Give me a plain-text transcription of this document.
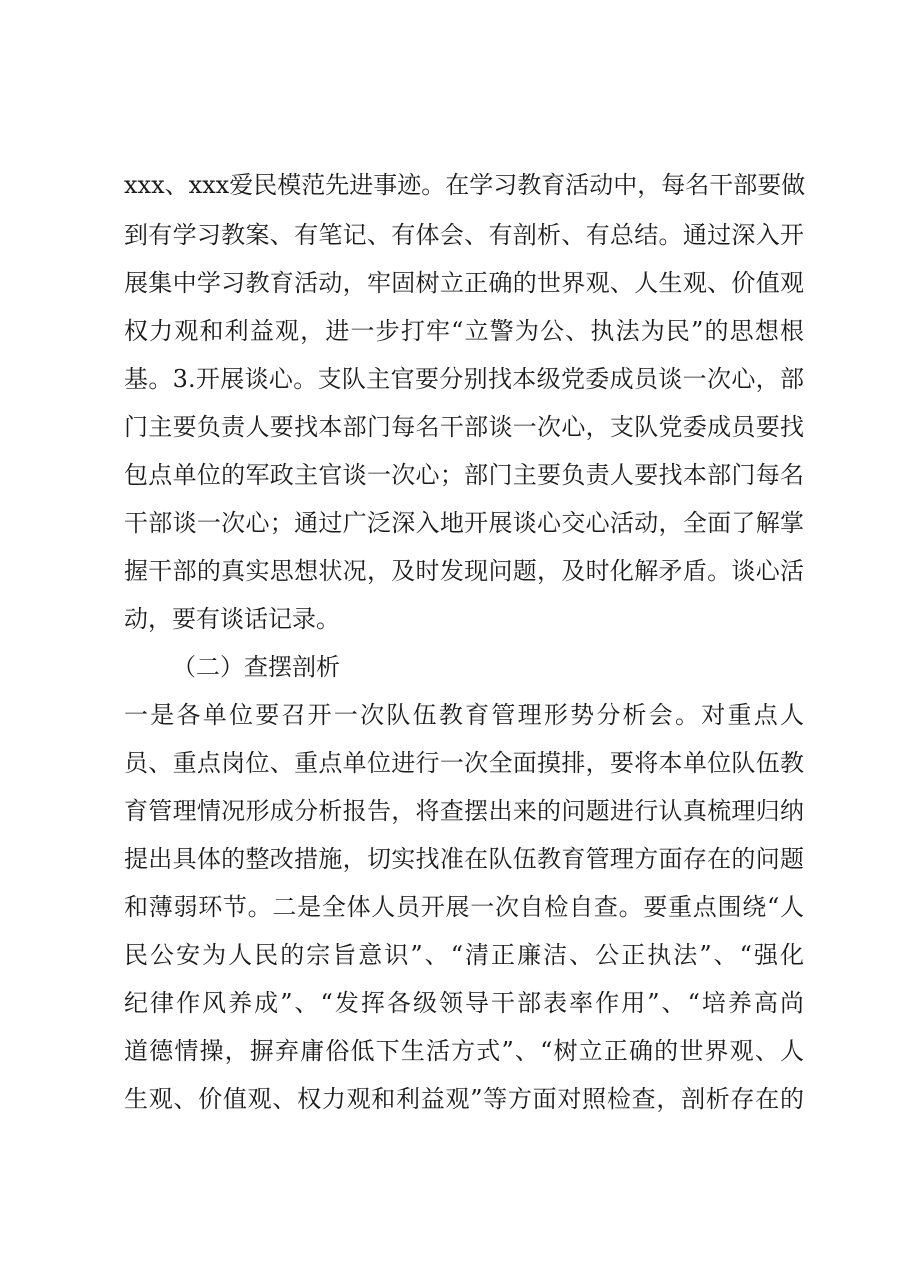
xxx、xxx爱民模范先进事迹。在学习教育活动中，每名干部要做
到有学习教案、有笔记、有体会、有剖析、有总结。通过深入开
展集中学习教育活动，牢固树立正确的世界观、人生观、价值观
权力观和利益观，进一步打牢“立警为公、执法为民”的思想根
基。3.开展谈心。支队主官要分别找本级党委成员谈一次心，部
门主要负责人要找本部门每名干部谈一次心，支队党委成员要找
包点单位的军政主官谈一次心；部门主要负责人要找本部门每名
干部谈一次心；通过广泛深入地开展谈心交心活动，全面了解掌
握干部的真实思想状况，及时发现问题，及时化解矛盾。谈心活
动，要有谈话记录。
（二）查摆剖析
一是各单位要召开一次队伍教育管理形势分析会。对重点人
员、重点岗位、重点单位进行一次全面摸排，要将本单位队伍教
育管理情况形成分析报告，将查摆出来的问题进行认真梳理归纳
提出具体的整改措施，切实找准在队伍教育管理方面存在的问题
和薄弱环节。二是全体人员开展一次自检自查。要重点围绕“人
民公安为人民的宗旨意识”、“清正廉洁、公正执法”、“强化
纪律作风养成”、“发挥各级领导干部表率作用”、“培养高尚
道德情操，摒弃庸俗低下生活方式”、“树立正确的世界观、人
生观、价值观、权力观和利益观”等方面对照检查，剖析存在的
